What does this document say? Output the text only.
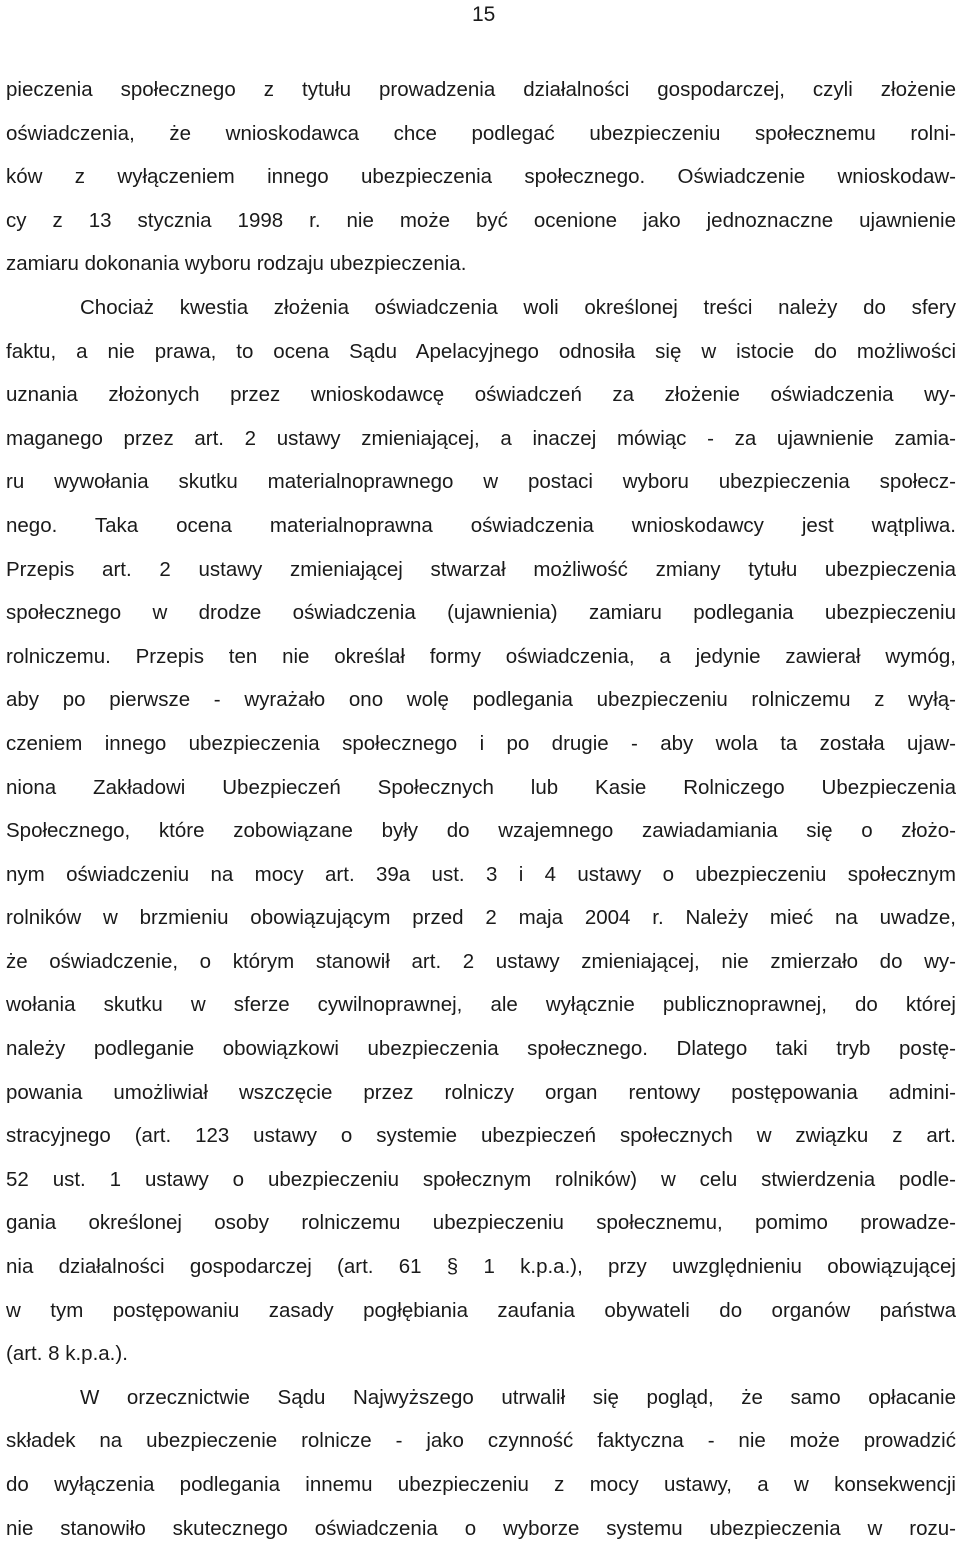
15
pieczenia społecznego z tytułu prowadzenia działalności gospodarczej, czyli złożenie
oświadczenia, że wnioskodawca chce podlegać ubezpieczeniu społecznemu rolni-
ków z wyłączeniem innego ubezpieczenia społecznego. Oświadczenie wnioskodaw-
cy z 13 stycznia 1998 r. nie może być ocenione jako jednoznaczne ujawnienie
zamiaru dokonania wyboru rodzaju ubezpieczenia.
Chociaż kwestia złożenia oświadczenia woli określonej treści należy do sfery
faktu, a nie prawa, to ocena Sądu Apelacyjnego odnosiła się w istocie do możliwości
uznania złożonych przez wnioskodawcę oświadczeń za złożenie oświadczenia wy-
maganego przez art. 2 ustawy zmieniającej, a inaczej mówiąc - za ujawnienie zamia-
ru wywołania skutku materialnoprawnego w postaci wyboru ubezpieczenia społecz-
nego. Taka ocena materialnoprawna oświadczenia wnioskodawcy jest wątpliwa.
Przepis art. 2 ustawy zmieniającej stwarzał możliwość zmiany tytułu ubezpieczenia
społecznego w drodze oświadczenia (ujawnienia) zamiaru podlegania ubezpieczeniu
rolniczemu. Przepis ten nie określał formy oświadczenia, a jedynie zawierał wymóg,
aby po pierwsze - wyrażało ono wolę podlegania ubezpieczeniu rolniczemu z wyłą-
czeniem innego ubezpieczenia społecznego i po drugie - aby wola ta została ujaw-
niona Zakładowi Ubezpieczeń Społecznych lub Kasie Rolniczego Ubezpieczenia
Społecznego, które zobowiązane były do wzajemnego zawiadamiania się o złożo-
nym oświadczeniu na mocy art. 39a ust. 3 i 4 ustawy o ubezpieczeniu społecznym
rolników w brzmieniu obowiązującym przed 2 maja 2004 r. Należy mieć na uwadze,
że oświadczenie, o którym stanowił art. 2 ustawy zmieniającej, nie zmierzało do wy-
wołania skutku w sferze cywilnoprawnej, ale wyłącznie publicznoprawnej, do której
należy podleganie obowiązkowi ubezpieczenia społecznego. Dlatego taki tryb postę-
powania umożliwiał wszczęcie przez rolniczy organ rentowy postępowania admini-
stracyjnego (art. 123 ustawy o systemie ubezpieczeń społecznych w związku z art.
52 ust. 1 ustawy o ubezpieczeniu społecznym rolników) w celu stwierdzenia podle-
gania określonej osoby rolniczemu ubezpieczeniu społecznemu, pomimo prowadze-
nia działalności gospodarczej (art. 61 § 1 k.p.a.), przy uwzględnieniu obowiązującej
w tym postępowaniu zasady pogłębiania zaufania obywateli do organów państwa
(art. 8 k.p.a.).
W orzecznictwie Sądu Najwyższego utrwalił się pogląd, że samo opłacanie
składek na ubezpieczenie rolnicze - jako czynność faktyczna - nie może prowadzić
do wyłączenia podlegania innemu ubezpieczeniu z mocy ustawy, a w konsekwencji
nie stanowiło skutecznego oświadczenia o wyborze systemu ubezpieczenia w rozu-
